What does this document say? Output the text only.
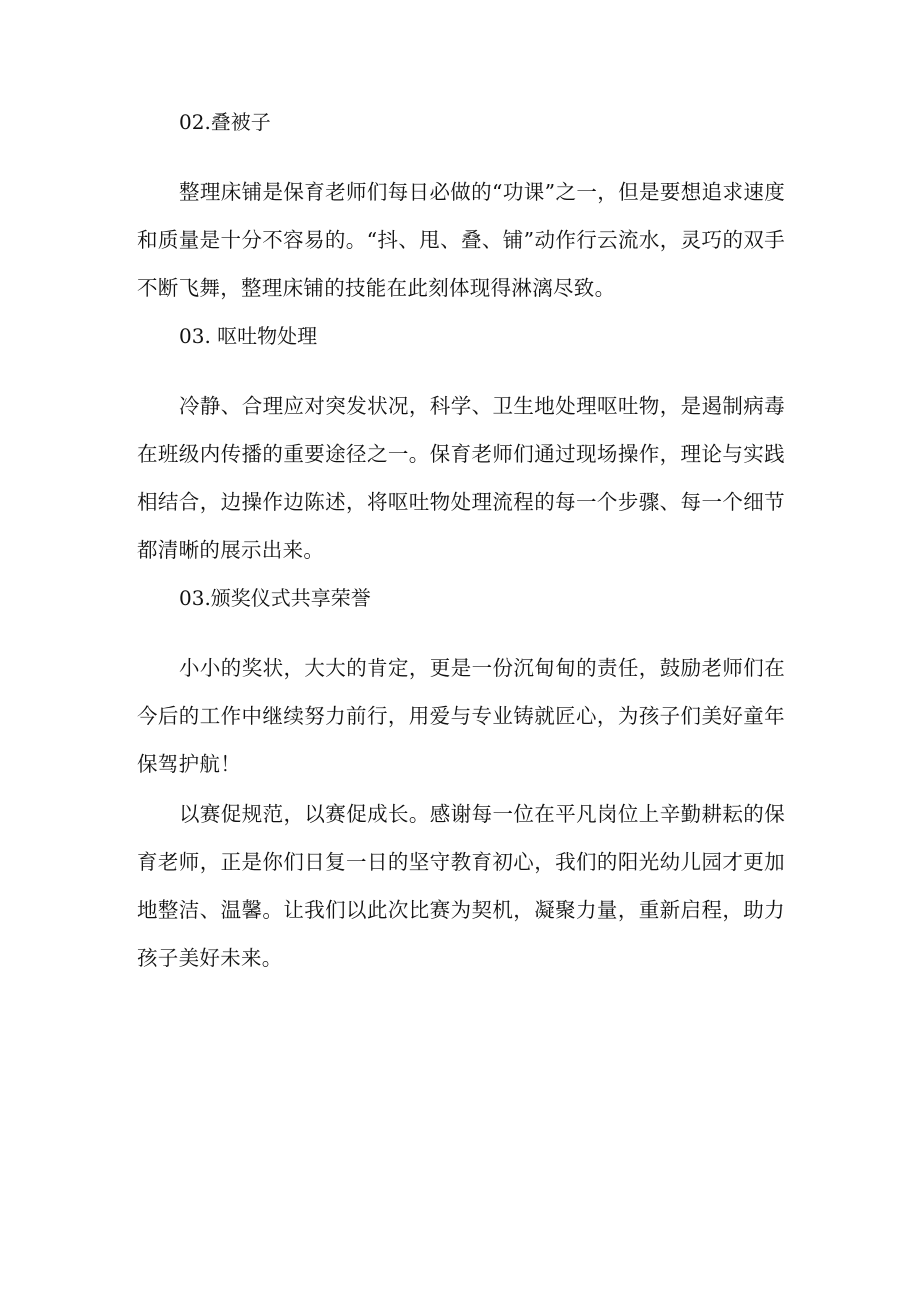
02.叠被子

整理床铺是保育老师们每日必做的“功课”之一，但是要想追求速度和质量是十分不容易的。“抖、甩、叠、铺”动作行云流水，灵巧的双手不断飞舞，整理床铺的技能在此刻体现得淋漓尽致。

03. 呕吐物处理

冷静、合理应对突发状况，科学、卫生地处理呕吐物，是遏制病毒在班级内传播的重要途径之一。保育老师们通过现场操作，理论与实践相结合，边操作边陈述，将呕吐物处理流程的每一个步骤、每一个细节都清晰的展示出来。

03.颁奖仪式共享荣誉

小小的奖状，大大的肯定，更是一份沉甸甸的责任，鼓励老师们在今后的工作中继续努力前行，用爱与专业铸就匠心，为孩子们美好童年保驾护航！

以赛促规范，以赛促成长。感谢每一位在平凡岗位上辛勤耕耘的保育老师，正是你们日复一日的坚守教育初心，我们的阳光幼儿园才更加地整洁、温馨。让我们以此次比赛为契机，凝聚力量，重新启程，助力孩子美好未来。
